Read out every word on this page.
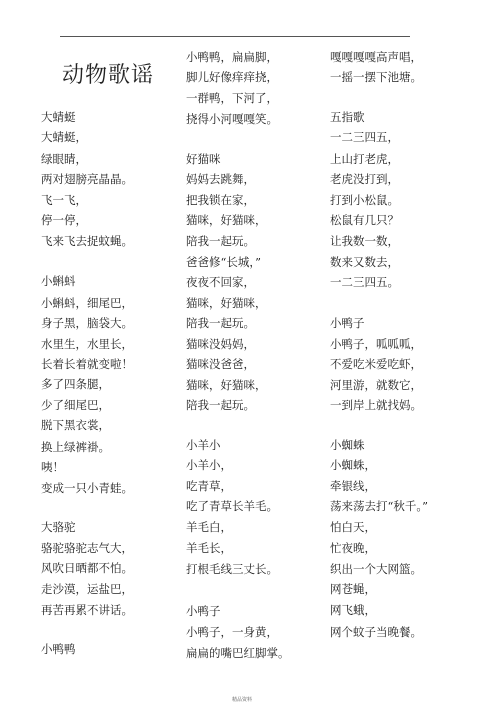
动物歌谣
大蜻蜓
大蜻蜓，
绿眼睛，
两对翅膀亮晶晶。
飞一飞，
停一停，
飞来飞去捉蚊蝇。
小蝌蚪
小蝌蚪，细尾巴，
身子黑，脑袋大。
水里生，水里长，
长着长着就变啦！
多了四条腿，
少了细尾巴，
脱下黑衣裳，
换上绿裤褂。
咦！
变成一只小青蛙。
大骆驼
骆驼骆驼志气大，
风吹日晒都不怕。
走沙漠，运盐巴，
再苦再累不讲话。
小鸭鸭
小鸭鸭，扁扁脚，
脚儿好像痒痒挠，
一群鸭，下河了，
挠得小河嘎嘎笑。
好猫咪
妈妈去跳舞，
把我锁在家，
猫咪，好猫咪，
陪我一起玩。
爸爸修“长城，”
夜夜不回家，
猫咪，好猫咪，
陪我一起玩。
猫咪没妈妈，
猫咪没爸爸，
猫咪，好猫咪，
陪我一起玩。
小羊小
小羊小，
吃青草，
吃了青草长羊毛。
羊毛白，
羊毛长，
打根毛线三丈长。
小鸭子
小鸭子，一身黄，
扁扁的嘴巴红脚掌。
嘎嘎嘎嘎高声唱，
一摇一摆下池塘。
五指歌
一二三四五，
上山打老虎，
老虎没打到，
打到小松鼠。
松鼠有几只？
让我数一数，
数来又数去，
一二三四五。
小鸭子
小鸭子，呱呱呱，
不爱吃米爱吃虾，
河里游，就数它，
一到岸上就找妈。
小蜘蛛
小蜘蛛，
牵银线，
荡来荡去打“秋千。”
怕白天，
忙夜晚，
织出一个大网篮。
网苍蝇，
网飞蛾，
网个蚊子当晚餐。
精品资料
